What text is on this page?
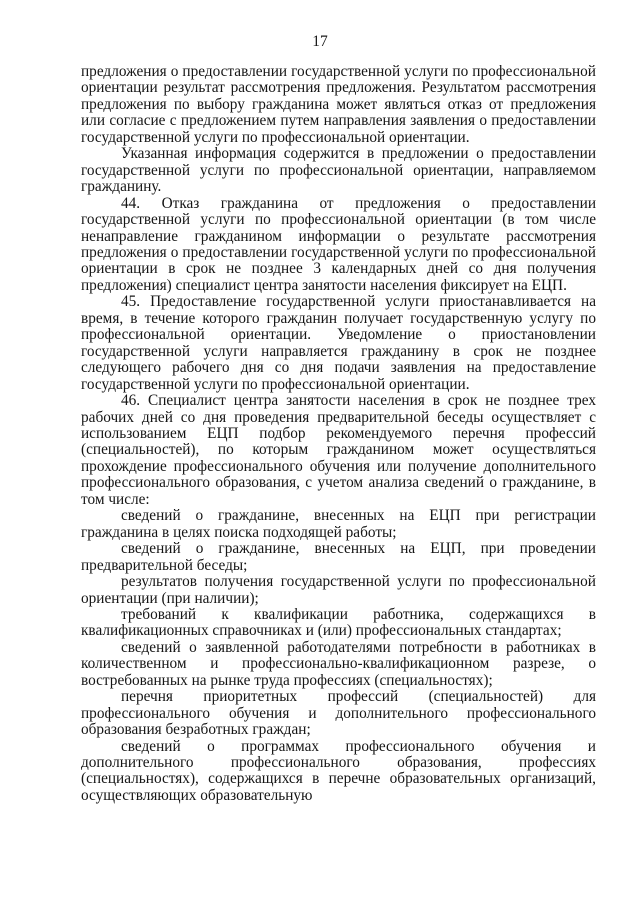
17

предложения о предоставлении государственной услуги по профессиональной ориентации результат рассмотрения предложения. Результатом рассмотрения предложения по выбору гражданина может являться отказ от предложения или согласие с предложением путем направления заявления о предоставлении государственной услуги по профессиональной ориентации.

Указанная информация содержится в предложении о предоставлении государственной услуги по профессиональной ориентации, направляемом гражданину.

44. Отказ гражданина от предложения о предоставлении государственной услуги по профессиональной ориентации (в том числе ненаправление гражданином информации о результате рассмотрения предложения о предоставлении государственной услуги по профессиональной ориентации в срок не позднее 3 календарных дней со дня получения предложения) специалист центра занятости населения фиксирует на ЕЦП.

45. Предоставление государственной услуги приостанавливается на время, в течение которого гражданин получает государственную услугу по профессиональной ориентации. Уведомление о приостановлении государственной услуги направляется гражданину в срок не позднее следующего рабочего дня со дня подачи заявления на предоставление государственной услуги по профессиональной ориентации.

46. Специалист центра занятости населения в срок не позднее трех рабочих дней со дня проведения предварительной беседы осуществляет с использованием ЕЦП подбор рекомендуемого перечня профессий (специальностей), по которым гражданином может осуществляться прохождение профессионального обучения или получение дополнительного профессионального образования, с учетом анализа сведений о гражданине, в том числе:

сведений о гражданине, внесенных на ЕЦП при регистрации гражданина в целях поиска подходящей работы;

сведений о гражданине, внесенных на ЕЦП, при проведении предварительной беседы;

результатов получения государственной услуги по профессиональной ориентации (при наличии);

требований к квалификации работника, содержащихся в квалификационных справочниках и (или) профессиональных стандартах;

сведений о заявленной работодателями потребности в работниках в количественном и профессионально-квалификационном разрезе, о востребованных на рынке труда профессиях (специальностях);

перечня приоритетных профессий (специальностей) для профессионального обучения и дополнительного профессионального образования безработных граждан;

сведений о программах профессионального обучения и дополнительного профессионального образования, профессиях (специальностях), содержащихся в перечне образовательных организаций, осуществляющих образовательную
